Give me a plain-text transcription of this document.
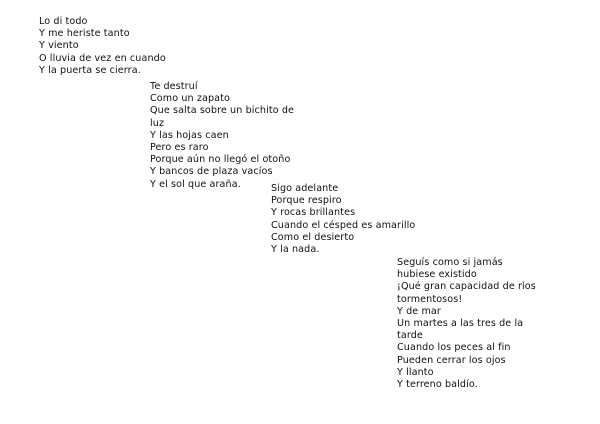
Lo di todo
Y me heriste tanto
Y viento
O lluvia de vez en cuando
Y la puerta se cierra.
Te destruí
Como un zapato
Que salta sobre un bichito de
luz
Y las hojas caen
Pero es raro
Porque aún no llegó el otoño
Y bancos de plaza vacíos
Y el sol que araña.	Sigo adelante
Porque respiro
Y rocas brillantes
Cuando el césped es amarillo
Como el desierto
Y la nada.
Seguís como si jamás
hubiese existido
¡Qué gran capacidad de ríos
tormentosos!
Y de mar
Un martes a las tres de la
tarde
Cuando los peces al fin
Pueden cerrar los ojos
Y llanto
Y terreno baldío.
